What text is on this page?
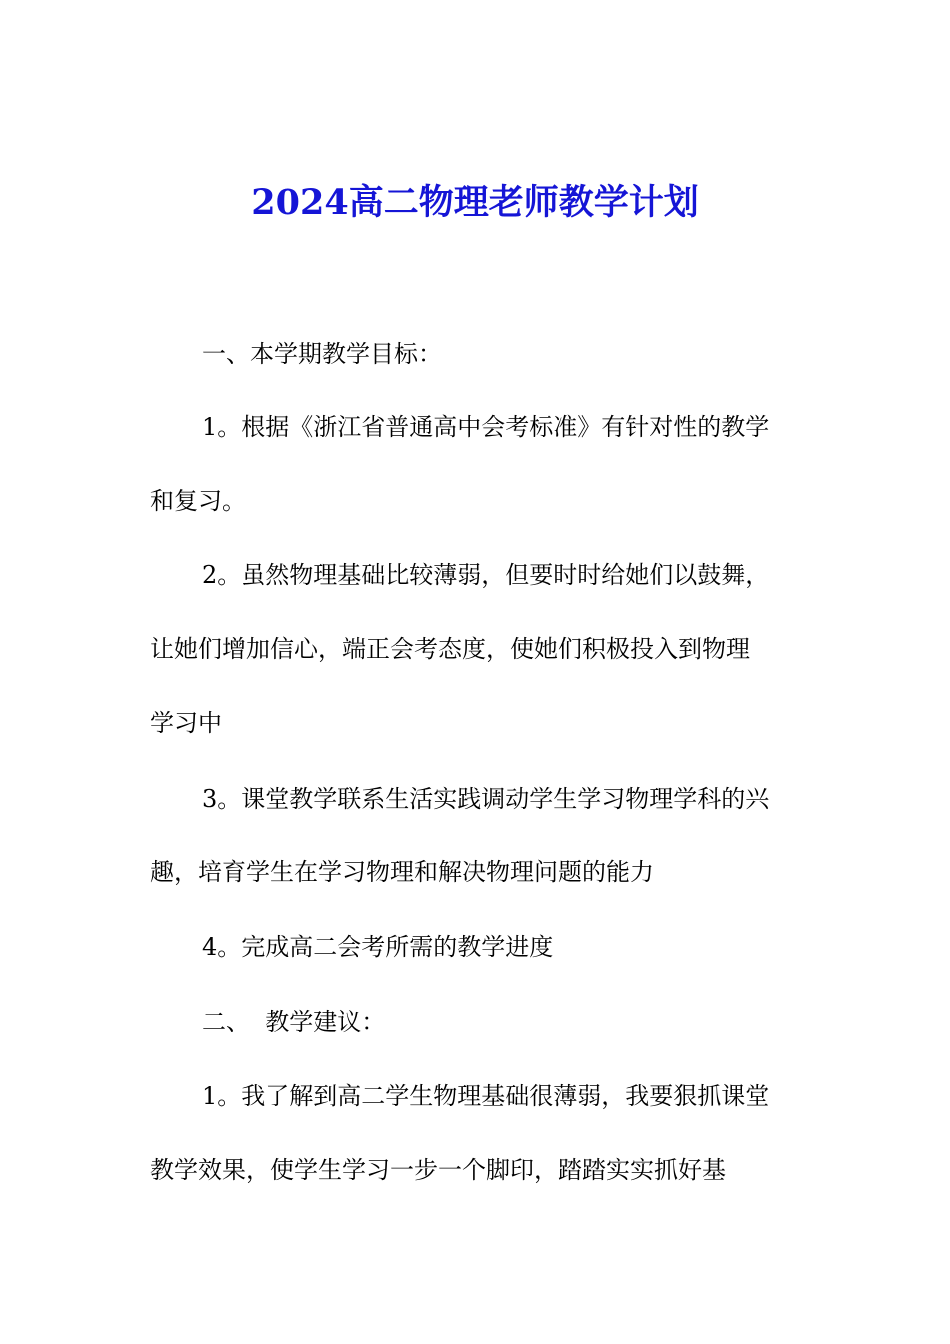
2024高二物理老师教学计划
一、本学期教学目标：
1。根据《浙江省普通高中会考标准》有针对性的教学
和复习。
2。虽然物理基础比较薄弱，但要时时给她们以鼓舞，
让她们增加信心，端正会考态度，使她们积极投入到物理
学习中
3。课堂教学联系生活实践调动学生学习物理学科的兴
趣，培育学生在学习物理和解决物理问题的能力
4。完成高二会考所需的教学进度
二、  教学建议：
1。我了解到高二学生物理基础很薄弱，我要狠抓课堂
教学效果，使学生学习一步一个脚印，踏踏实实抓好基
